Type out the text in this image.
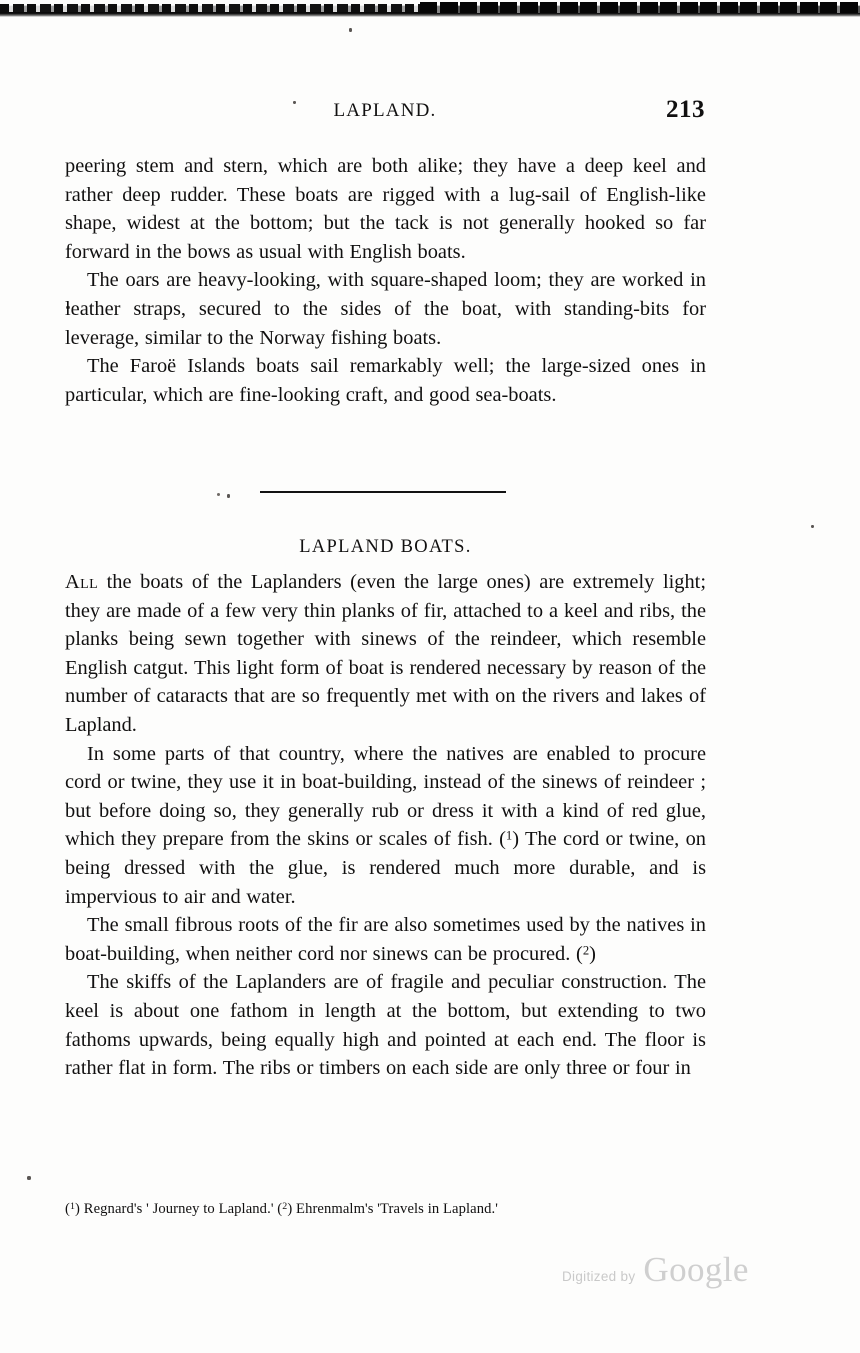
LAPLAND.	213

peering stem and stern, which are both alike; they have a deep keel and rather deep rudder. These boats are rigged with a lug-sail of English-like shape, widest at the bottom; but the tack is not generally hooked so far forward in the bows as usual with English boats.

The oars are heavy-looking, with square-shaped loom; they are worked in leather straps, secured to the sides of the boat, with standing-bits for leverage, similar to the Norway fishing boats.

The Faroë Islands boats sail remarkably well; the large-sized ones in particular, which are fine-looking craft, and good sea-boats.

LAPLAND BOATS.

All the boats of the Laplanders (even the large ones) are extremely light; they are made of a few very thin planks of fir, attached to a keel and ribs, the planks being sewn together with sinews of the reindeer, which resemble English catgut. This light form of boat is rendered necessary by reason of the number of cataracts that are so frequently met with on the rivers and lakes of Lapland.

In some parts of that country, where the natives are enabled to procure cord or twine, they use it in boat-building, instead of the sinews of reindeer ; but before doing so, they generally rub or dress it with a kind of red glue, which they prepare from the skins or scales of fish. ($^1$) The cord or twine, on being dressed with the glue, is rendered much more durable, and is impervious to air and water.

The small fibrous roots of the fir are also sometimes used by the natives in boat-building, when neither cord nor sinews can be procured. ($^2$)

The skiffs of the Laplanders are of fragile and peculiar construction. The keel is about one fathom in length at the bottom, but extending to two fathoms upwards, being equally high and pointed at each end. The floor is rather flat in form. The ribs or timbers on each side are only three or four in

($^1$) Regnard's ' Journey to Lapland.' ($^2$) Ehrenmalm's 'Travels in Lapland.'
Digitized by Google
